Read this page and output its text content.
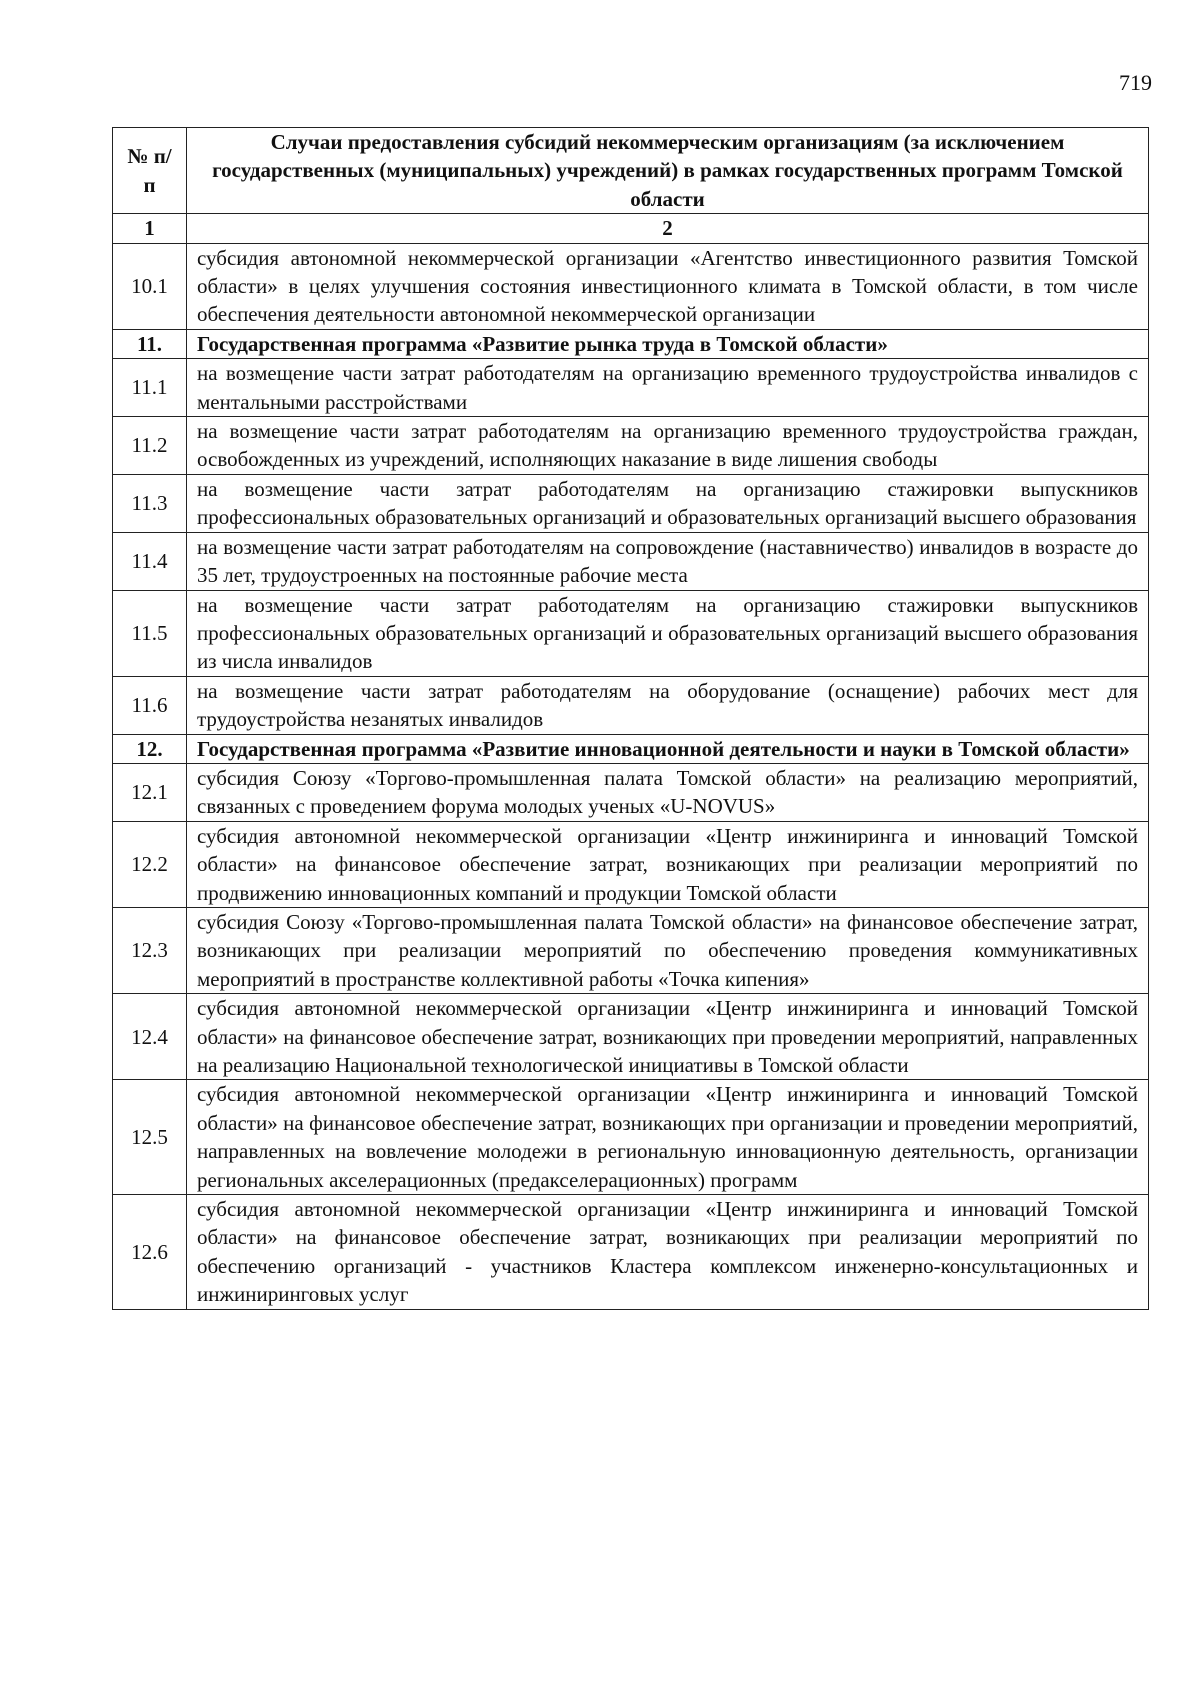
719
№ п/п	Случаи предоставления субсидий некоммерческим организациям (за исключением государственных (муниципальных) учреждений) в рамках государственных программ Томской области
1	2
10.1	субсидия автономной некоммерческой организации «Агентство инвестиционного развития Томской области» в целях улучшения состояния инвестиционного климата в Томской области, в том числе обеспечения деятельности автономной некоммерческой организации
11.	Государственная программа «Развитие рынка труда в Томской области»
11.1	на возмещение части затрат работодателям на организацию временного трудоустройства инвалидов с ментальными расстройствами
11.2	на возмещение части затрат работодателям на организацию временного трудоустройства граждан, освобожденных из учреждений, исполняющих наказание в виде лишения свободы
11.3	на возмещение части затрат работодателям на организацию стажировки выпускников профессиональных образовательных организаций и образовательных организаций высшего образования
11.4	на возмещение части затрат работодателям на сопровождение (наставничество) инвалидов в возрасте до 35 лет, трудоустроенных на постоянные рабочие места
11.5	на возмещение части затрат работодателям на организацию стажировки выпускников профессиональных образовательных организаций и образовательных организаций высшего образования из числа инвалидов
11.6	на возмещение части затрат работодателям на оборудование (оснащение) рабочих мест для трудоустройства незанятых инвалидов
12.	Государственная программа «Развитие инновационной деятельности и науки в Томской области»
12.1	субсидия Союзу «Торгово-промышленная палата Томской области» на реализацию мероприятий, связанных с проведением форума молодых ученых «U-NOVUS»
12.2	субсидия автономной некоммерческой организации «Центр инжиниринга и инноваций Томской области» на финансовое обеспечение затрат, возникающих при реализации мероприятий по продвижению инновационных компаний и продукции Томской области
12.3	субсидия Союзу «Торгово-промышленная палата Томской области» на финансовое обеспечение затрат, возникающих при реализации мероприятий по обеспечению проведения коммуникативных мероприятий в пространстве коллективной работы «Точка кипения»
12.4	субсидия автономной некоммерческой организации «Центр инжиниринга и инноваций Томской области» на финансовое обеспечение затрат, возникающих при проведении мероприятий, направленных на реализацию Национальной технологической инициативы в Томской области
12.5	субсидия автономной некоммерческой организации «Центр инжиниринга и инноваций Томской области» на финансовое обеспечение затрат, возникающих при организации и проведении мероприятий, направленных на вовлечение молодежи в региональную инновационную деятельность, организации региональных акселерационных (предакселерационных) программ
12.6	субсидия автономной некоммерческой организации «Центр инжиниринга и инноваций Томской области» на финансовое обеспечение затрат, возникающих при реализации мероприятий по обеспечению организаций - участников Кластера комплексом инженерно-консультационных и инжиниринговых услуг
